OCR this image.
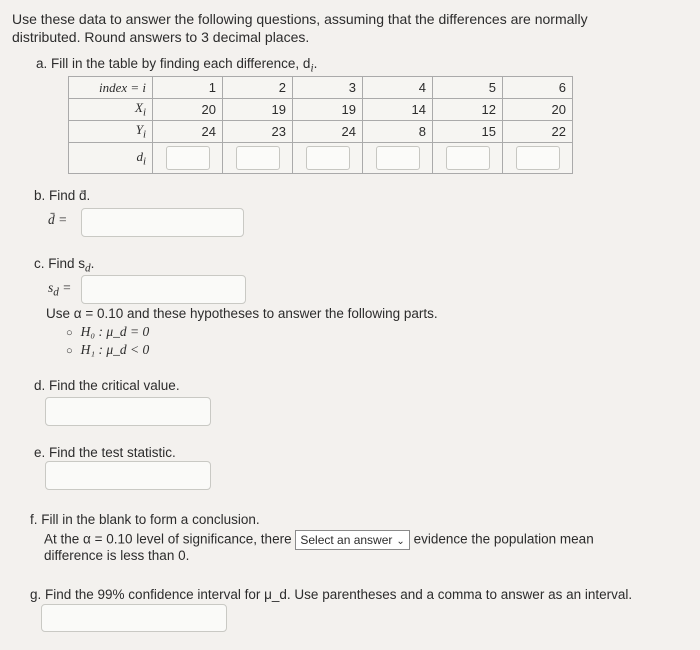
Use these data to answer the following questions, assuming that the differences are normally distributed. Round answers to 3 decimal places.
a. Fill in the table by finding each difference, $d_i$.
index = i	1	2	3	4	5	6
$X_i$	20	19	19	14	12	20
$Y_i$	24	23	24	8	15	22
$d_i$						
b. Find d̄.
d̄ =
c. Find $s_d$.
$s_d$ =
Use α = 0.10 and these hypotheses to answer the following parts.
○ H₀ : μ_d = 0
○ H₁ : μ_d < 0
d. Find the critical value.
e. Find the test statistic.
f. Fill in the blank to form a conclusion.
At the α = 0.10 level of significance, there Select an answer ⌄ evidence the population mean
difference is less than 0.
g. Find the 99% confidence interval for μ_d. Use parentheses and a comma to answer as an interval.
